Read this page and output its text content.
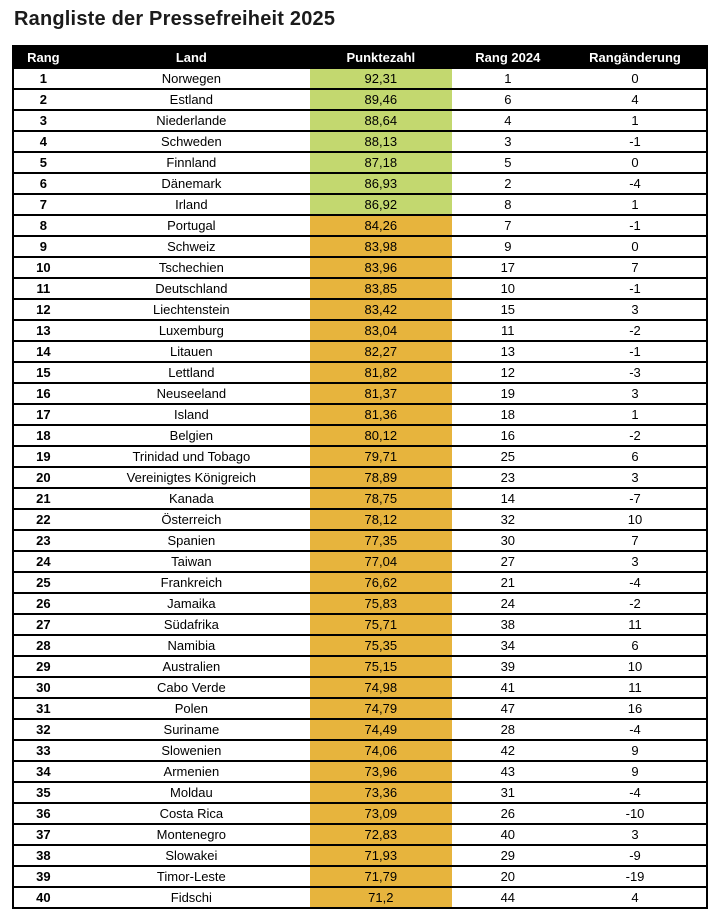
Rangliste der Pressefreiheit 2025
Rang	Land	Punktezahl	Rang 2024	Rangänderung
1	Norwegen	92,31	1	0
2	Estland	89,46	6	4
3	Niederlande	88,64	4	1
4	Schweden	88,13	3	-1
5	Finnland	87,18	5	0
6	Dänemark	86,93	2	-4
7	Irland	86,92	8	1
8	Portugal	84,26	7	-1
9	Schweiz	83,98	9	0
10	Tschechien	83,96	17	7
11	Deutschland	83,85	10	-1
12	Liechtenstein	83,42	15	3
13	Luxemburg	83,04	11	-2
14	Litauen	82,27	13	-1
15	Lettland	81,82	12	-3
16	Neuseeland	81,37	19	3
17	Island	81,36	18	1
18	Belgien	80,12	16	-2
19	Trinidad und Tobago	79,71	25	6
20	Vereinigtes Königreich	78,89	23	3
21	Kanada	78,75	14	-7
22	Österreich	78,12	32	10
23	Spanien	77,35	30	7
24	Taiwan	77,04	27	3
25	Frankreich	76,62	21	-4
26	Jamaika	75,83	24	-2
27	Südafrika	75,71	38	11
28	Namibia	75,35	34	6
29	Australien	75,15	39	10
30	Cabo Verde	74,98	41	11
31	Polen	74,79	47	16
32	Suriname	74,49	28	-4
33	Slowenien	74,06	42	9
34	Armenien	73,96	43	9
35	Moldau	73,36	31	-4
36	Costa Rica	73,09	26	-10
37	Montenegro	72,83	40	3
38	Slowakei	71,93	29	-9
39	Timor-Leste	71,79	20	-19
40	Fidschi	71,2	44	4
